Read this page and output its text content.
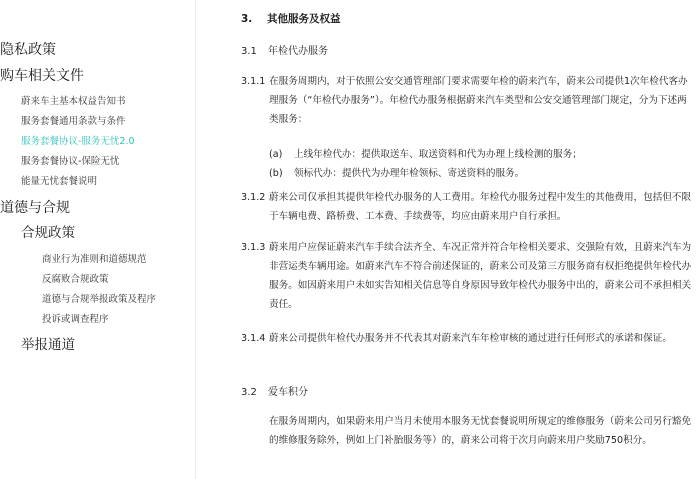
隐私政策
购车相关文件
蔚来车主基本权益告知书
服务套餐通用条款与条件
服务套餐协议-服务无忧2.0
服务套餐协议-保险无忧
能量无忧套餐说明
道德与合规
合规政策
商业行为准则和道德规范
反腐败合规政策
道德与合规举报政策及程序
投诉或调查程序
举报通道
3. 其他服务及权益
3.1 年检代办服务
3.1.1 在服务周期内，对于依照公安交通管理部门要求需要年检的蔚来汽车，蔚来公司提供1次年检代客办理服务（“年检代办服务”）。年检代办服务根据蔚来汽车类型和公安交通管理部门规定，分为下述两类服务：
(a) 上线年检代办：提供取送车、取送资料和代为办理上线检测的服务；
(b) 领标代办：提供代为办理年检领标、寄送资料的服务。
3.1.2 蔚来公司仅承担其提供年检代办服务的人工费用。年检代办服务过程中发生的其他费用，包括但不限于车辆电费、路桥费、工本费、手续费等，均应由蔚来用户自行承担。
3.1.3 蔚来用户应保证蔚来汽车手续合法齐全、车况正常并符合年检相关要求、交强险有效，且蔚来汽车为非营运类车辆用途。如蔚来汽车不符合前述保证的，蔚来公司及第三方服务商有权拒绝提供年检代办服务。如因蔚来用户未如实告知相关信息等自身原因导致年检代办服务中出的，蔚来公司不承担相关责任。
3.1.4 蔚来公司提供年检代办服务并不代表其对蔚来汽车年检审核的通过进行任何形式的承诺和保证。
3.2 爱车积分
在服务周期内，如果蔚来用户当月未使用本服务无忧套餐说明所规定的维修服务（蔚来公司另行豁免的维修服务除外，例如上门补胎服务等）的，蔚来公司将于次月向蔚来用户奖励750积分。
